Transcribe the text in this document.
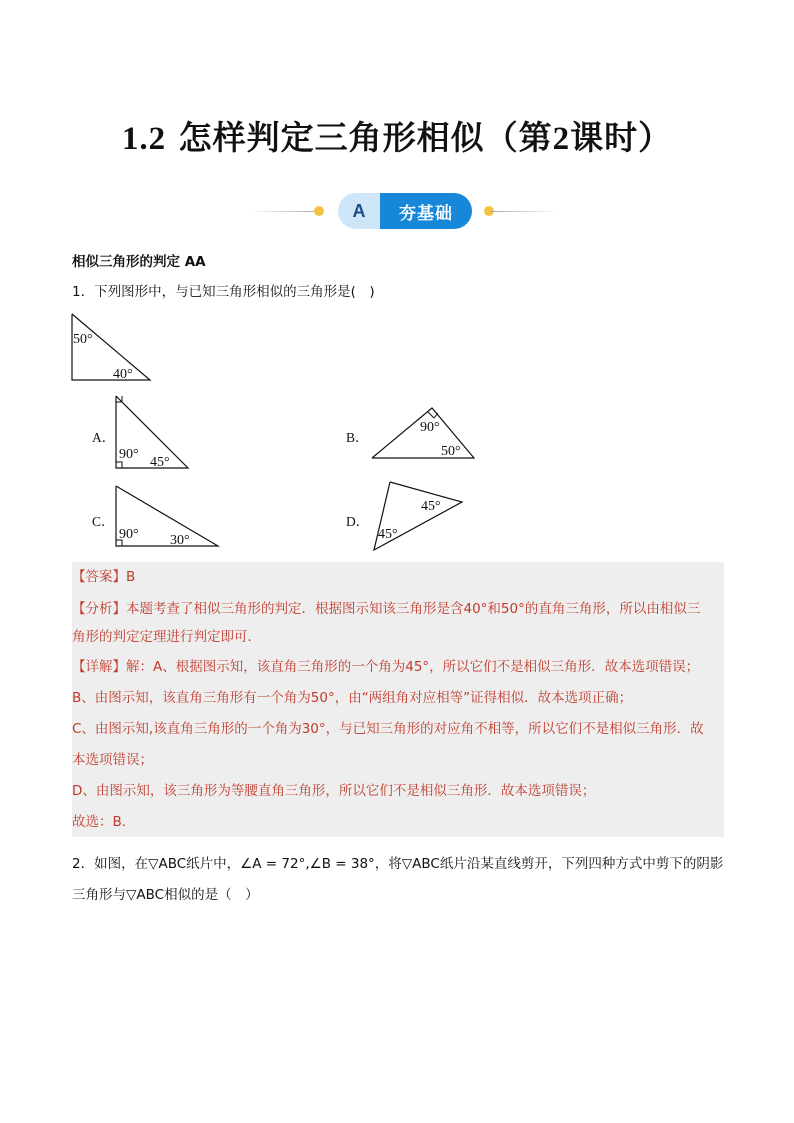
1.2 怎样判定三角形相似（第2课时）
A	夯基础
相似三角形的判定 AA
1．下列图形中，与已知三角形相似的三角形是(　)
50°
40°
A．
90°
45°
B．
90°
50°
C．
90° 30°
D．
45°
45°
【答案】B
【分析】本题考查了相似三角形的判定．根据图示知该三角形是含40°和50°的直角三角形，所以由相似三
角形的判定定理进行判定即可．
【详解】解：A、根据图示知，该直角三角形的一个角为45°，所以它们不是相似三角形．故本选项错误；
B、由图示知，该直角三角形有一个角为50°，由“两组角对应相等”证得相似．故本选项正确；
C、由图示知,该直角三角形的一个角为30°，与已知三角形的对应角不相等，所以它们不是相似三角形．故
本选项错误；
D、由图示知，该三角形为等腰直角三角形，所以它们不是相似三角形．故本选项错误；
故选：B．
2．如图，在▽ABC纸片中，∠A = 72°,∠B = 38°，将▽ABC纸片沿某直线剪开，下列四种方式中剪下的阴影
三角形与▽ABC相似的是（　）
